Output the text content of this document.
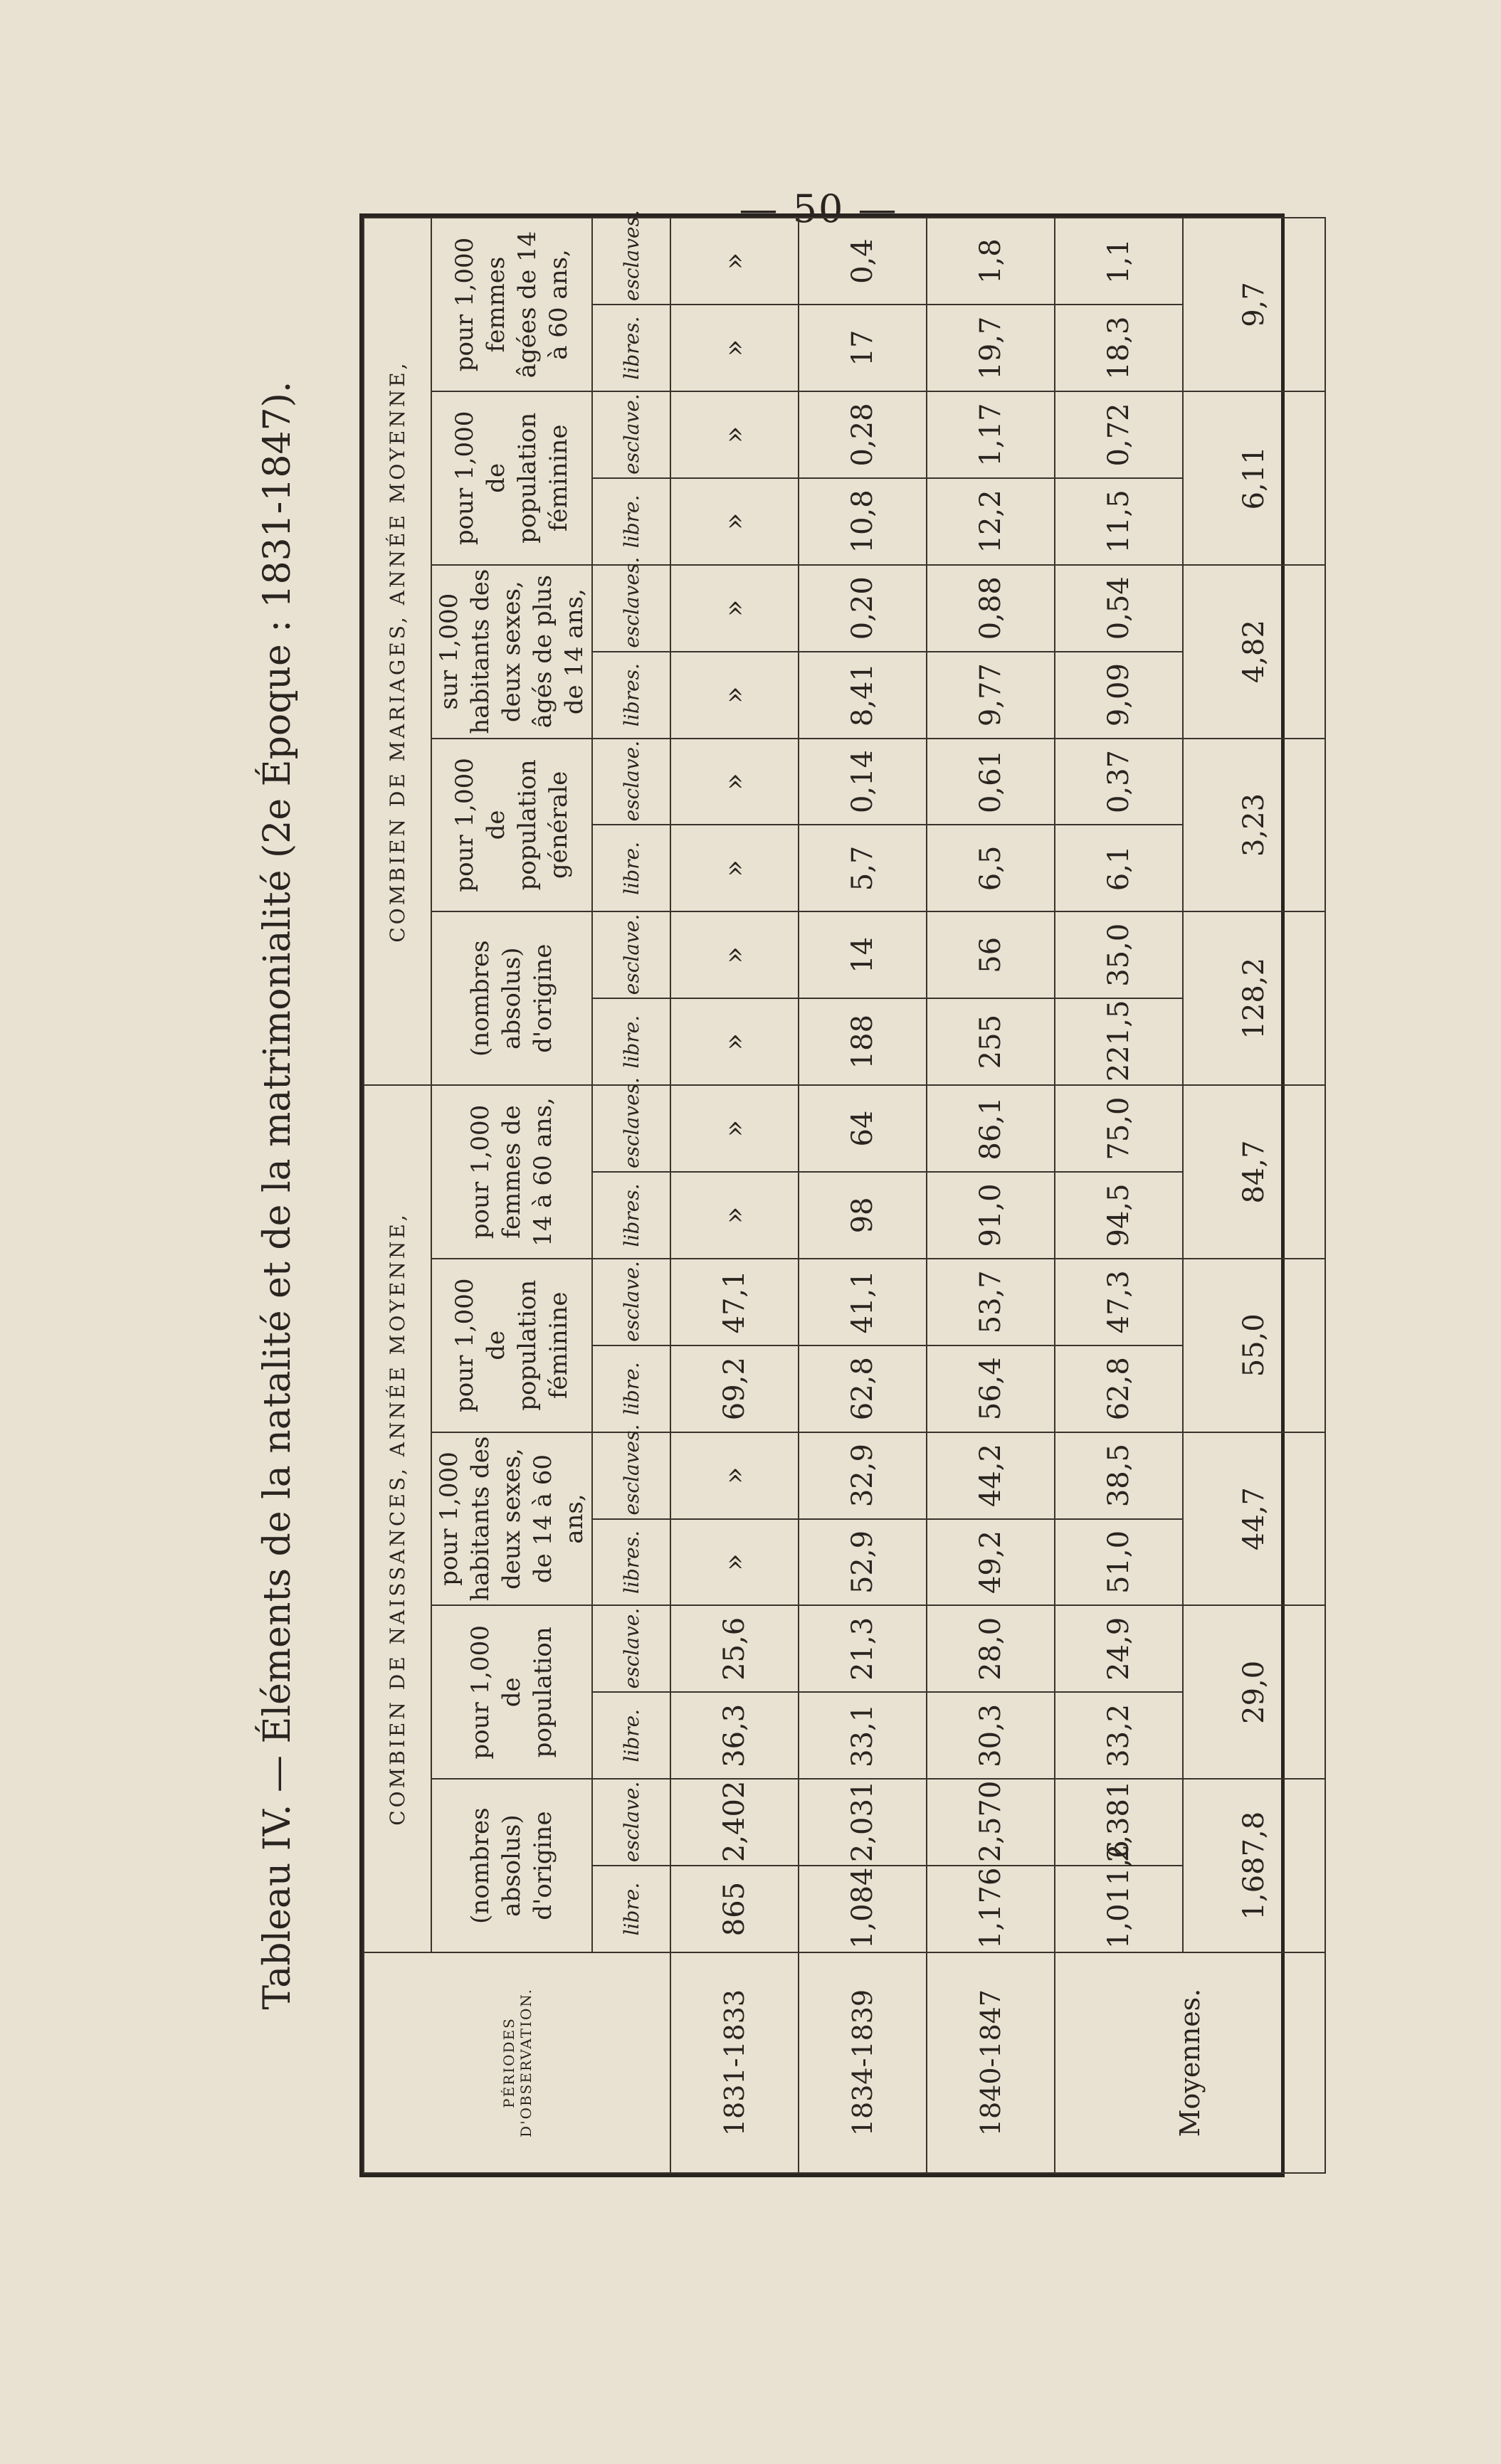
— 50 —
Tableau IV. — Éléments de la natalité et de la matrimonialité (2e Époque : 1831-1847).
PÉRIODES D'OBSERVATION.	COMBIEN DE NAISSANCES, ANNÉE MOYENNE,										COMBIEN DE MARIAGES, ANNÉE MOYENNE,									
	(nombres absolus) d'origine		pour 1,000 de population		pour 1,000 habitants des deux sexes, de 14 à 60 ans,		pour 1,000 de population féminine		pour 1,000 femmes de 14 à 60 ans,		(nombres absolus) d'origine		pour 1,000 de population générale		sur 1,000 habitants des deux sexes, âgés de plus de 14 ans,		pour 1,000 de population féminine		pour 1,000 femmes âgées de 14 à 60 ans,	
	libre.	esclave.	libre.	esclave.	libres.	esclaves.	libre.	esclave.	libres.	esclaves.	libre.	esclave.	libre.	esclave.	libres.	esclaves.	libre.	esclave.	libres.	esclaves.
1831-1833	865	2,402	36,3	25,6	»	»	69,2	47,1	»	»	»	»	»	»	»	»	»	»	»	»
1834-1839	1,084	2,031	33,1	21,3	52,9	32,9	62,8	41,1	98	64	188	14	5,7	0,14	8,41	0,20	10,8	0,28	17	0,4
1840-1847	1,176	2,570	30,3	28,0	49,2	44,2	56,4	53,7	91,0	86,1	255	56	6,5	0,61	9,77	0,88	12,2	1,17	19,7	1,8
Moyennes.	1,011,6	2,381	33,2	24,9	51,0	38,5	62,8	47,3	94,5	75,0	221,5	35,0	6,1	0,37	9,09	0,54	11,5	0,72	18,3	1,1
	1,687,8		29,0		44,7		55,0		84,7		128,2		3,23		4,82		6,11		9,7	
